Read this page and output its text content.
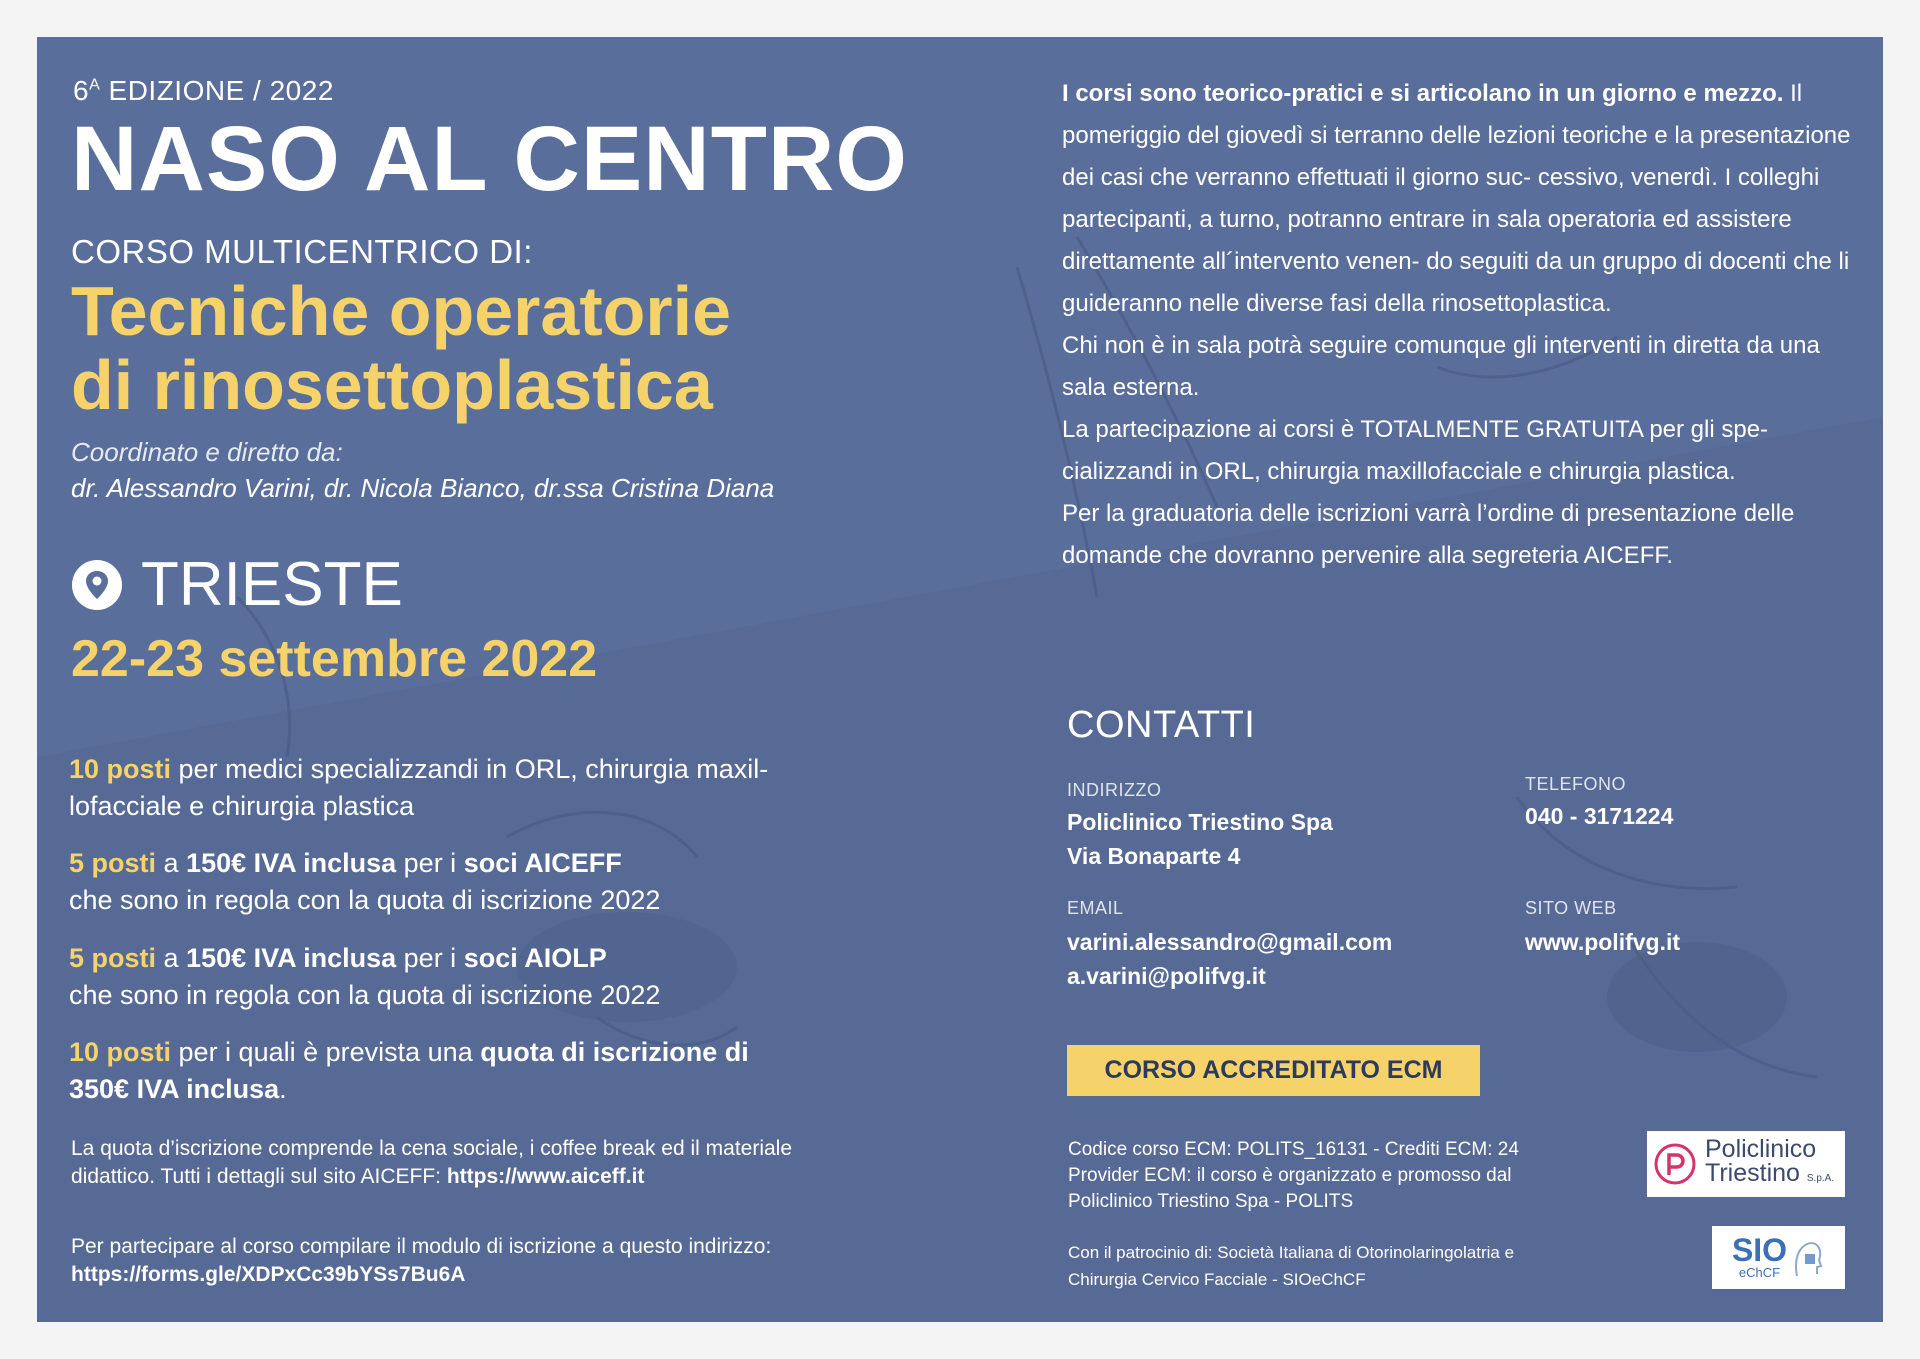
$6^A$ EDIZIONE / 2022
NASO AL CENTRO
CORSO MULTICENTRICO DI:
Tecniche operatorie
di rinosettoplastica
Coordinato e diretto da:
dr. Alessandro Varini, dr. Nicola Bianco, dr.ssa Cristina Diana
TRIESTE
22-23 settembre 2022
10 posti per medici specializzandi in ORL, chirurgia maxil-
lofacciale e chirurgia plastica
5 posti a 150€ IVA inclusa per i soci AICEFF
che sono in regola con la quota di iscrizione 2022
5 posti a 150€ IVA inclusa per i soci AIOLP
che sono in regola con la quota di iscrizione 2022
10 posti per i quali è prevista una quota di iscrizione di
350€ IVA inclusa.
La quota d’iscrizione comprende la cena sociale, i coffee break ed il materiale
didattico. Tutti i dettagli sul sito AICEFF: https://www.aiceff.it
Per partecipare al corso compilare il modulo di iscrizione a questo indirizzo:
https://forms.gle/XDPxCc39bYSs7Bu6A
I corsi sono teorico-pratici e si articolano in un giorno e mezzo. Il pomeriggio del giovedì si terranno delle lezioni teoriche e la presentazione dei casi che verranno effettuati il giorno suc- cessivo, venerdì. I colleghi partecipanti, a turno, potranno entrare in sala operatoria ed assistere direttamente all´intervento venen- do seguiti da un gruppo di docenti che li guideranno nelle diverse fasi della rinosettoplastica.
Chi non è in sala potrà seguire comunque gli interventi in diretta da una sala esterna.
La partecipazione ai corsi è TOTALMENTE GRATUITA per gli spe- cializzandi in ORL, chirurgia maxillofacciale e chirurgia plastica.
Per la graduatoria delle iscrizioni varrà l’ordine di presentazione delle domande che dovranno pervenire alla segreteria AICEFF.
CONTATTI
INDIRIZZO
Policlinico Triestino Spa
Via Bonaparte 4
TELEFONO
040 - 3171224
EMAIL
varini.alessandro@gmail.com
a.varini@polifvg.it
SITO WEB
www.polifvg.it
CORSO ACCREDITATO ECM
Codice corso ECM: POLITS_16131 - Crediti ECM: 24
Provider ECM: il corso è organizzato e promosso dal
Policlinico Triestino Spa - POLITS
Con il patrocinio di: Società Italiana di Otorinolaringolatria e
Chirurgia Cervico Facciale - SIOeChCF
Policlinico
Triestino S.p.A.
SIO
eChCF
